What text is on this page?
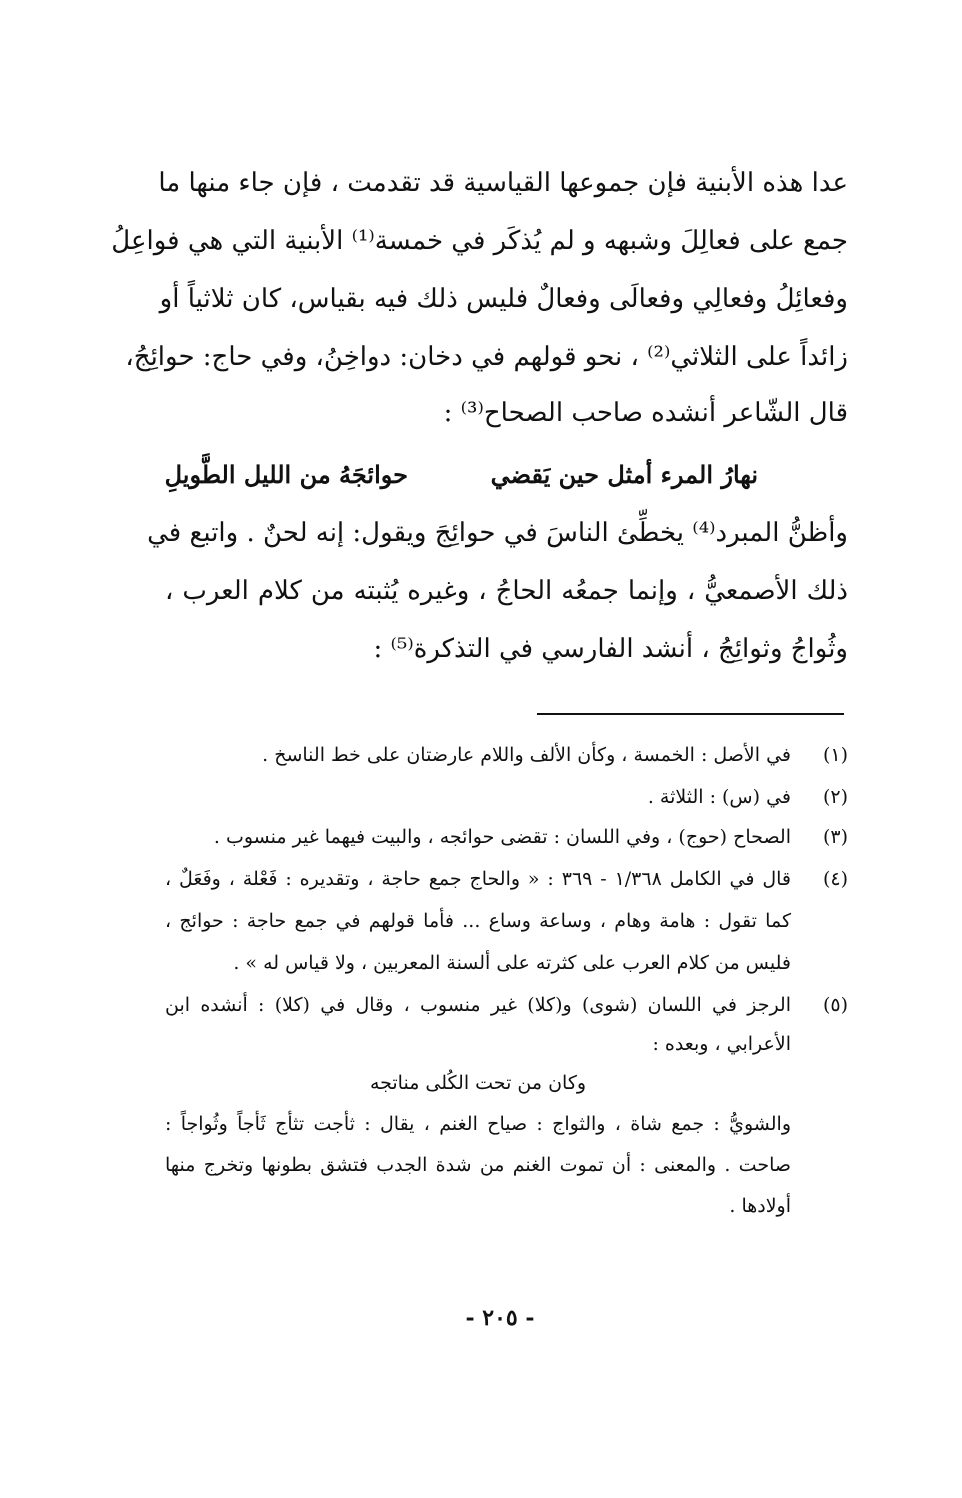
عدا هذه الأبنية فإن جموعها القياسية قد تقدمت ، فإن جاء منها ما
جمع على فعالِلَ وشبهه و لم يُذكَر في خمسة⁽¹⁾ الأبنية التي هي فواعِلُ
وفعائِلُ وفعالِي وفعالَى وفعالٌ فليس ذلك فيه بقياس، كان ثلاثياً أو
زائداً على الثلاثي⁽²⁾ ، نحو قولهم في دخان: دواخِنُ، وفي حاج: حوائِجُ،
قال الشّاعر أنشده صاحب الصحاح⁽³⁾ :
نهارُ المرء أمثل حين يَقضي
حوائجَهُ من الليل الطَّويلِ
وأظنُّ المبرد⁽⁴⁾ يخطِّئ الناسَ في حوائِجَ ويقول: إنه لحنٌ . واتبع في
ذلك الأصمعيُّ ، وإنما جمعُه الحاجُ ، وغيره يُثبته من كلام العرب ،
وثُواجُ وثوائِجُ ، أنشد الفارسي في التذكرة⁽⁵⁾ :
(١)
في الأصل : الخمسة ، وكأن الألف واللام عارضتان على خط الناسخ .
(٢)
في (س) : الثلاثة .
(٣)
الصحاح (حوج) ، وفي اللسان : تقضى حوائجه ، والبيت فيهما غير منسوب .
(٤)
قال في الكامل ١/٣٦٨ - ٣٦٩ : « والحاج جمع حاجة ، وتقديره : فَعْلة ، وفَعَلٌ ،
كما تقول : هامة وهام ، وساعة وساع ... فأما قولهم في جمع حاجة : حوائج ،
فليس من كلام العرب على كثرته على ألسنة المعربين ، ولا قياس له » .
(٥)
الرجز في اللسان (شوى) و(كلا) غير منسوب ، وقال في (كلا) : أنشده ابن
الأعرابي ، وبعده :
وكان من تحت الكُلى مناتجه
والشويُّ : جمع شاة ، والثواج : صياح الغنم ، يقال : ثأجت تثأج ثَأجاً وثُواجاً :
صاحت . والمعنى : أن تموت الغنم من شدة الجدب فتشق بطونها وتخرج منها
أولادها .
- ٢٠٥ -
